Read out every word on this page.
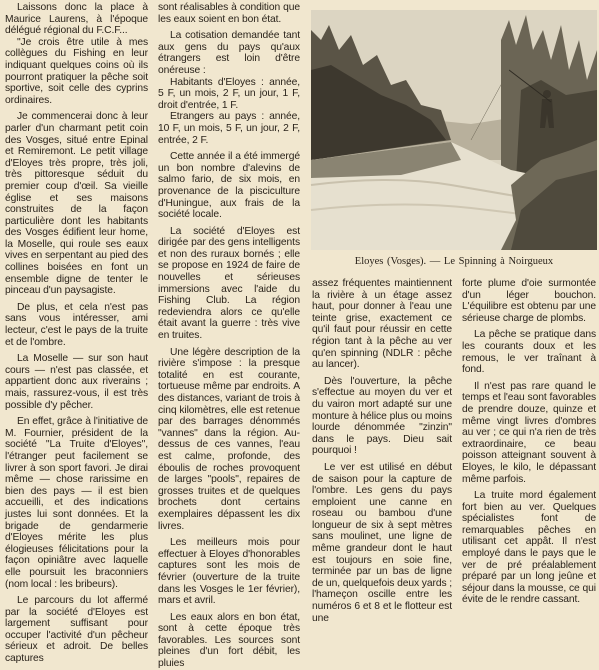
Laissons donc la place à Maurice Laurens, à l'époque délégué régional du F.C.F...

"Je crois être utile à mes collègues du Fishing en leur indiquant quelques coins où ils pourront pratiquer la pêche soit sportive, soit celle des cyprins ordinaires.

Je commencerai donc à leur parler d'un charmant petit coin des Vosges, situé entre Epinal et Remiremont. Le petit village d'Eloyes très propre, très joli, très pittoresque séduit du premier coup d'œil. Sa vieille église et ses maisons construites de la façon particulière dont les habitants des Vosges édifient leur home, la Moselle, qui roule ses eaux vives en serpentant au pied des collines boisées en font un ensemble digne de tenter le pinceau d'un paysagiste.

De plus, et cela n'est pas sans vous intéresser, ami lecteur, c'est le pays de la truite et de l'ombre.

La Moselle — sur son haut cours — n'est pas classée, et appartient donc aux riverains ; mais, rassurez-vous, il est très possible d'y pêcher.

En effet, grâce à l'initiative de M. Fournier, président de la société "La Truite d'Eloyes", l'étranger peut facilement se livrer à son sport favori. Je dirai même — chose rarissime en bien des pays — il est bien accueilli, et des indications justes lui sont données. Et la brigade de gendarmerie d'Eloyes mérite les plus élogieuses félicitations pour la façon opiniâtre avec laquelle elle poursuit les braconniers (nom local : les bribeurs).

Le parcours du lot affermé par la société d'Eloyes est largement suffisant pour occuper l'activité d'un pêcheur sérieux et adroit. De belles captures

sont réalisables à condition que les eaux soient en bon état.

La cotisation demandée tant aux gens du pays qu'aux étrangers est loin d'être onéreuse :

Habitants d'Eloyes : année, 5 F, un mois, 2 F, un jour, 1 F, droit d'entrée, 1 F.

Etrangers au pays : année, 10 F, un mois, 5 F, un jour, 2 F, entrée, 2 F.

Cette année il a été immergé un bon nombre d'alevins de salmo fario, de six mois, en provenance de la pisciculture d'Huningue, aux frais de la société locale.

La société d'Eloyes est dirigée par des gens intelligents et non des ruraux bornés ; elle se propose en 1924 de faire de nouvelles et sérieuses immersions avec l'aide du Fishing Club. La région redeviendra alors ce qu'elle était avant la guerre : très vive en truites.

Une légère description de la rivière s'impose : la presque totalité en est courante, tortueuse même par endroits. A des distances, variant de trois à cinq kilomètres, elle est retenue par des barrages dénommés "vannes" dans la région. Au-dessus de ces vannes, l'eau est calme, profonde, des éboulis de roches provoquent de larges "pools", repaires de grosses truites et de quelques brochets dont certains exemplaires dépassent les dix livres.

Les meilleurs mois pour effectuer à Eloyes d'honorables captures sont les mois de février (ouverture de la truite dans les Vosges le 1er février), mars et avril.

Les eaux alors en bon état, sont à cette époque très favorables. Les sources sont pleines d'un fort débit, les pluies

Eloyes (Vosges). — Le Spinning à Noirgueux

assez fréquentes maintiennent la rivière à un étage assez haut, pour donner à l'eau une teinte grise, exactement ce qu'il faut pour réussir en cette région tant à la pêche au ver qu'en spinning (NDLR : pêche au lancer).

Dès l'ouverture, la pêche s'effectue au moyen du ver et du vairon mort adapté sur une monture à hélice plus ou moins lourde dénommée "zinzin" dans le pays. Dieu sait pourquoi !

Le ver est utilisé en début de saison pour la capture de l'ombre. Les gens du pays emploient une canne en roseau ou bambou d'une longueur de six à sept mètres sans moulinet, une ligne de même grandeur dont le haut est toujours en soie fine, terminée par un bas de ligne de un, quelquefois deux yards ; l'hameçon oscille entre les numéros 6 et 8 et le flotteur est une

forte plume d'oie surmontée d'un léger bouchon. L'équilibre est obtenu par une sérieuse charge de plombs.

La pêche se pratique dans les courants doux et les remous, le ver traînant à fond.

Il n'est pas rare quand le temps et l'eau sont favorables de prendre douze, quinze et même vingt livres d'ombres au ver ; ce qui n'a rien de très extraordinaire, ce beau poisson atteignant souvent à Eloyes, le kilo, le dépassant même parfois.

La truite mord également fort bien au ver. Quelques spécialistes font de remarquables pêches en utilisant cet appât. Il n'est employé dans le pays que le ver de pré préalablement préparé par un long jeûne et séjour dans la mousse, ce qui évite de le rendre cassant.
